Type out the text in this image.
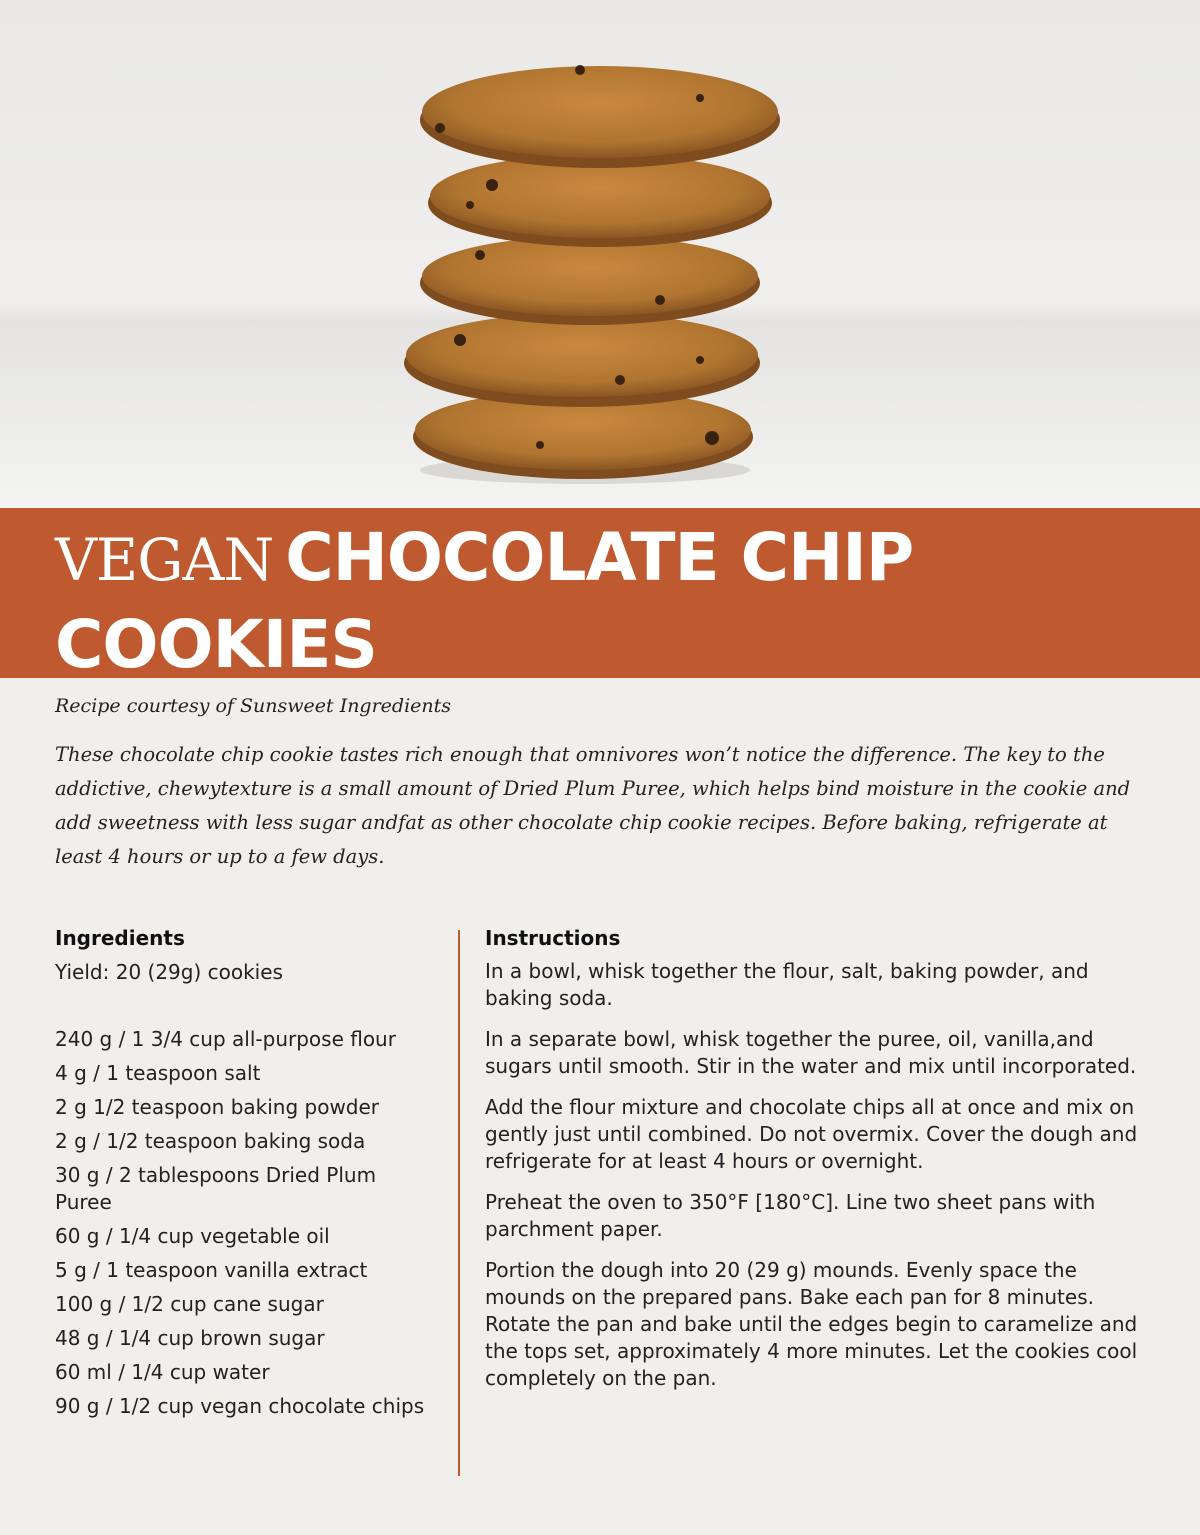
VEGAN CHOCOLATE CHIP
COOKIES

Recipe courtesy of Sunsweet Ingredients

These chocolate chip cookie tastes rich enough that omnivores won’t notice the difference. The key to the addictive, chewytexture is a small amount of Dried Plum Puree, which helps bind moisture in the cookie and add sweetness with less sugar andfat as other chocolate chip cookie recipes. Before baking, refrigerate at least 4 hours or up to a few days.

Ingredients

Yield: 20 (29g) cookies

240 g / 1 3/4 cup all-purpose flour
4 g / 1 teaspoon salt
2 g 1/2 teaspoon baking powder
2 g / 1/2 teaspoon baking soda
30 g / 2 tablespoons Dried Plum Puree
60 g / 1/4 cup vegetable oil
5 g / 1 teaspoon vanilla extract
100 g / 1/2 cup cane sugar
48 g / 1/4 cup brown sugar
60 ml / 1/4 cup water
90 g / 1/2 cup vegan chocolate chips
Instructions

In a bowl, whisk together the flour, salt, baking powder, and baking soda.

In a separate bowl, whisk together the puree, oil, vanilla,and sugars until smooth. Stir in the water and mix until incorporated.

Add the flour mixture and chocolate chips all at once and mix on gently just until combined. Do not overmix. Cover the dough and refrigerate for at least 4 hours or overnight.

Preheat the oven to 350°F [180°C]. Line two sheet pans with parchment paper.

Portion the dough into 20 (29 g) mounds. Evenly space the mounds on the prepared pans. Bake each pan for 8 minutes. Rotate the pan and bake until the edges begin to caramelize and the tops set, approximately 4 more minutes. Let the cookies cool completely on the pan.
